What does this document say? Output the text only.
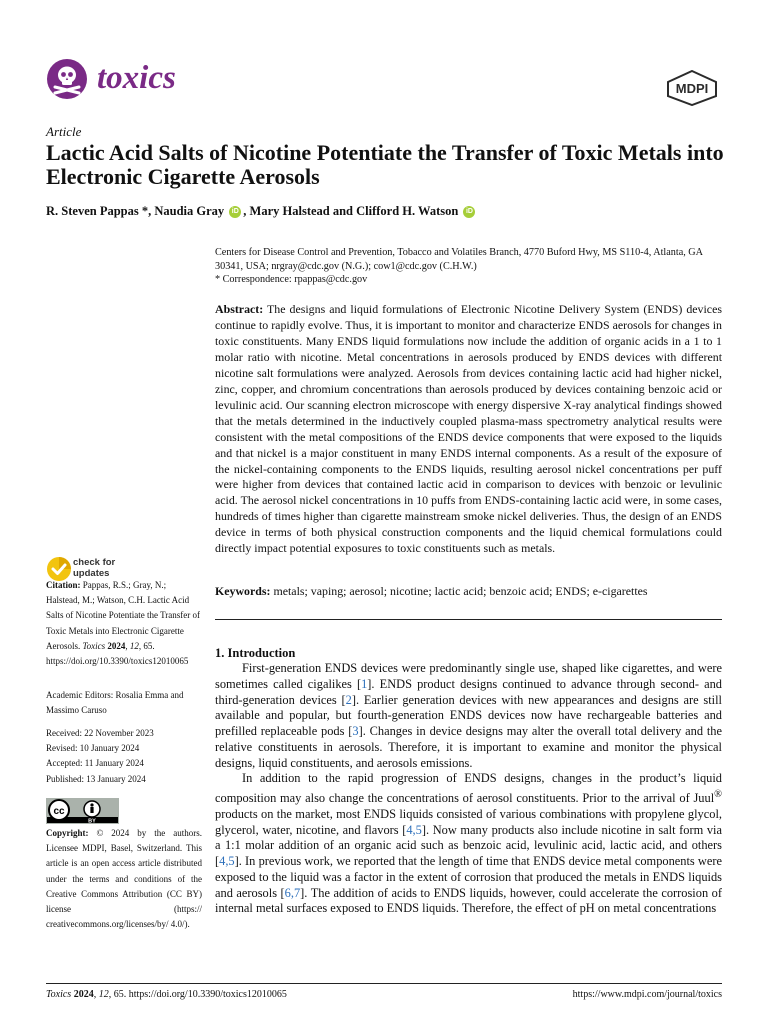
toxics	MDPI
Article
Lactic Acid Salts of Nicotine Potentiate the Transfer of Toxic Metals into Electronic Cigarette Aerosols
R. Steven Pappas *, Naudia Gray iD , Mary Halstead and Clifford H. Watson iD

Centers for Disease Control and Prevention, Tobacco and Volatiles Branch, 4770 Buford Hwy, MS S110-4, Atlanta, GA 30341, USA; nrgray@cdc.gov (N.G.); cow1@cdc.gov (C.H.W.)

* Correspondence: rpappas@cdc.gov

Abstract: The designs and liquid formulations of Electronic Nicotine Delivery System (ENDS) devices continue to rapidly evolve. Thus, it is important to monitor and characterize ENDS aerosols for changes in toxic constituents. Many ENDS liquid formulations now include the addition of organic acids in a 1 to 1 molar ratio with nicotine. Metal concentrations in aerosols produced by ENDS devices with different nicotine salt formulations were analyzed. Aerosols from devices containing lactic acid had higher nickel, zinc, copper, and chromium concentrations than aerosols produced by devices containing benzoic acid or levulinic acid. Our scanning electron microscope with energy dispersive X-ray analytical findings showed that the metals determined in the inductively coupled plasma-mass spectrometry analytical results were consistent with the metal compositions of the ENDS device components that were exposed to the liquids and that nickel is a major constituent in many ENDS internal components. As a result of the exposure of the nickel-containing components to the ENDS liquids, resulting aerosol nickel concentrations per puff were higher from devices that contained lactic acid in comparison to devices with benzoic or levulinic acid. The aerosol nickel concentrations in 10 puffs from ENDS-containing lactic acid were, in some cases, hundreds of times higher than cigarette mainstream smoke nickel deliveries. Thus, the design of an ENDS device in terms of both physical construction components and the liquid chemical formulations could directly impact potential exposures to toxic constituents such as metals.
Keywords: metals; vaping; aerosol; nicotine; lactic acid; benzoic acid; ENDS; e-cigarettes
1. Introduction

First-generation ENDS devices were predominantly single use, shaped like cigarettes, and were sometimes called cigalikes [1]. ENDS product designs continued to advance through second- and third-generation devices [2]. Earlier generation devices with new appearances and designs are still available and popular, but fourth-generation ENDS devices now have rechargeable batteries and prefilled replaceable pods [3]. Changes in device designs may alter the overall total delivery and the relative constituents in aerosols. Therefore, it is important to examine and monitor the physical designs, liquid constituents, and aerosols emissions.

In addition to the rapid progression of ENDS designs, changes in the product’s liquid composition may also change the concentrations of aerosol constituents. Prior to the arrival of Juul® products on the market, most ENDS liquids consisted of various combinations with propylene glycol, glycerol, water, nicotine, and flavors [4,5]. Now many products also include nicotine in salt form via a 1:1 molar addition of an organic acid such as benzoic acid, levulinic acid, lactic acid, and others [4,5]. In previous work, we reported that the length of time that ENDS device metal components were exposed to the liquid was a factor in the extent of corrosion that produced the metals in ENDS liquids and aerosols [6,7]. The addition of acids to ENDS liquids, however, could accelerate the corrosion of internal metal surfaces exposed to ENDS liquids. Therefore, the effect of pH on metal concentrations

check for
updates

Citation: Pappas, R.S.; Gray, N.; Halstead, M.; Watson, C.H. Lactic Acid Salts of Nicotine Potentiate the Transfer of Toxic Metals into Electronic Cigarette Aerosols. Toxics 2024, 12, 65. https://doi.org/10.3390/toxics12010065

Academic Editors: Rosalia Emma and Massimo Caruso

Received: 22 November 2023

Revised: 10 January 2024

Accepted: 11 January 2024

Published: 13 January 2024

cc
BY

Copyright: © 2024 by the authors. Licensee MDPI, Basel, Switzerland. This article is an open access article distributed under the terms and conditions of the Creative Commons Attribution (CC BY) license (https:// creativecommons.org/licenses/by/ 4.0/).

Toxics 2024, 12, 65. https://doi.org/10.3390/toxics12010065	https://www.mdpi.com/journal/toxics
